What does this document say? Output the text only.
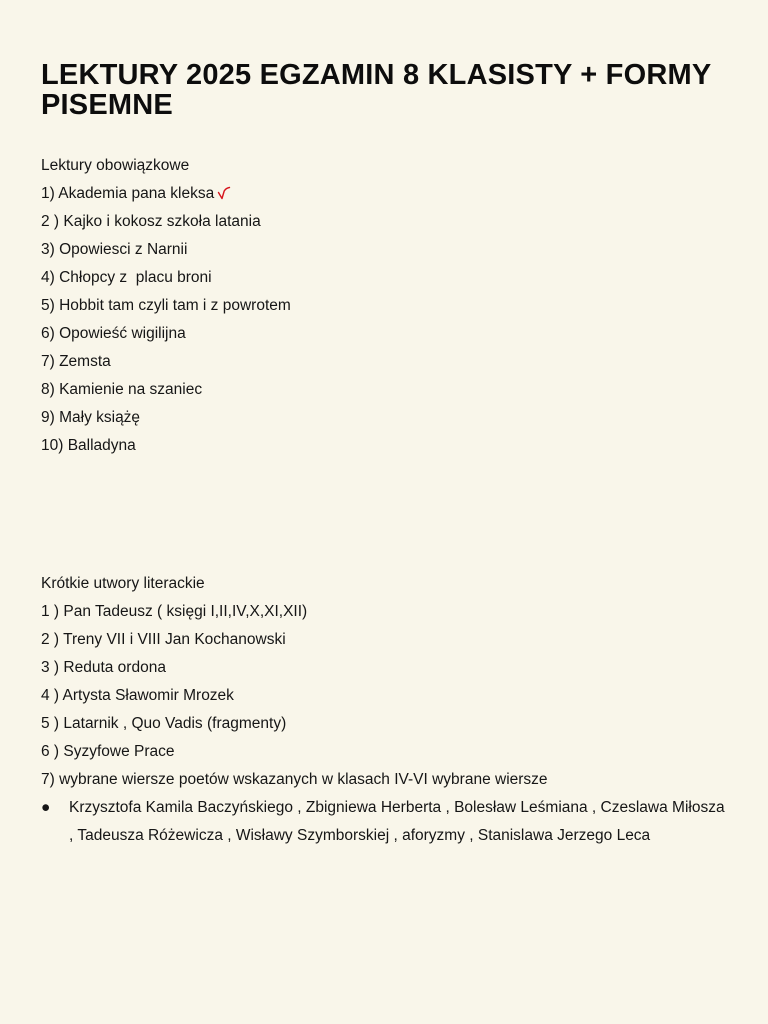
LEKTURY 2025 EGZAMIN 8 KLASISTY + FORMY PISEMNE
Lektury obowiązkowe
1) Akademia pana kleksa
2 ) Kajko i kokosz szkoła latania
3) Opowiesci z Narnii
4) Chłopcy z  placu broni
5) Hobbit tam czyli tam i z powrotem
6) Opowieść wigilijna
7) Zemsta
8) Kamienie na szaniec
9) Mały książę
10) Balladyna
Krótkie utwory literackie
1 ) Pan Tadeusz ( księgi I,II,IV,X,XI,XII)
2 ) Treny VII i VIII Jan Kochanowski
3 ) Reduta ordona
4 ) Artysta Sławomir Mrozek
5 ) Latarnik , Quo Vadis (fragmenty)
6 ) Syzyfowe Prace
7) wybrane wiersze poetów wskazanych w klasach IV-VI wybrane wiersze
●	Krzysztofa Kamila Baczyńskiego , Zbigniewa Herberta , Bolesław Leśmiana , Czeslawa Miłosza , Tadeusza Różewicza , Wisławy Szymborskiej , aforyzmy , Stanislawa Jerzego Leca
